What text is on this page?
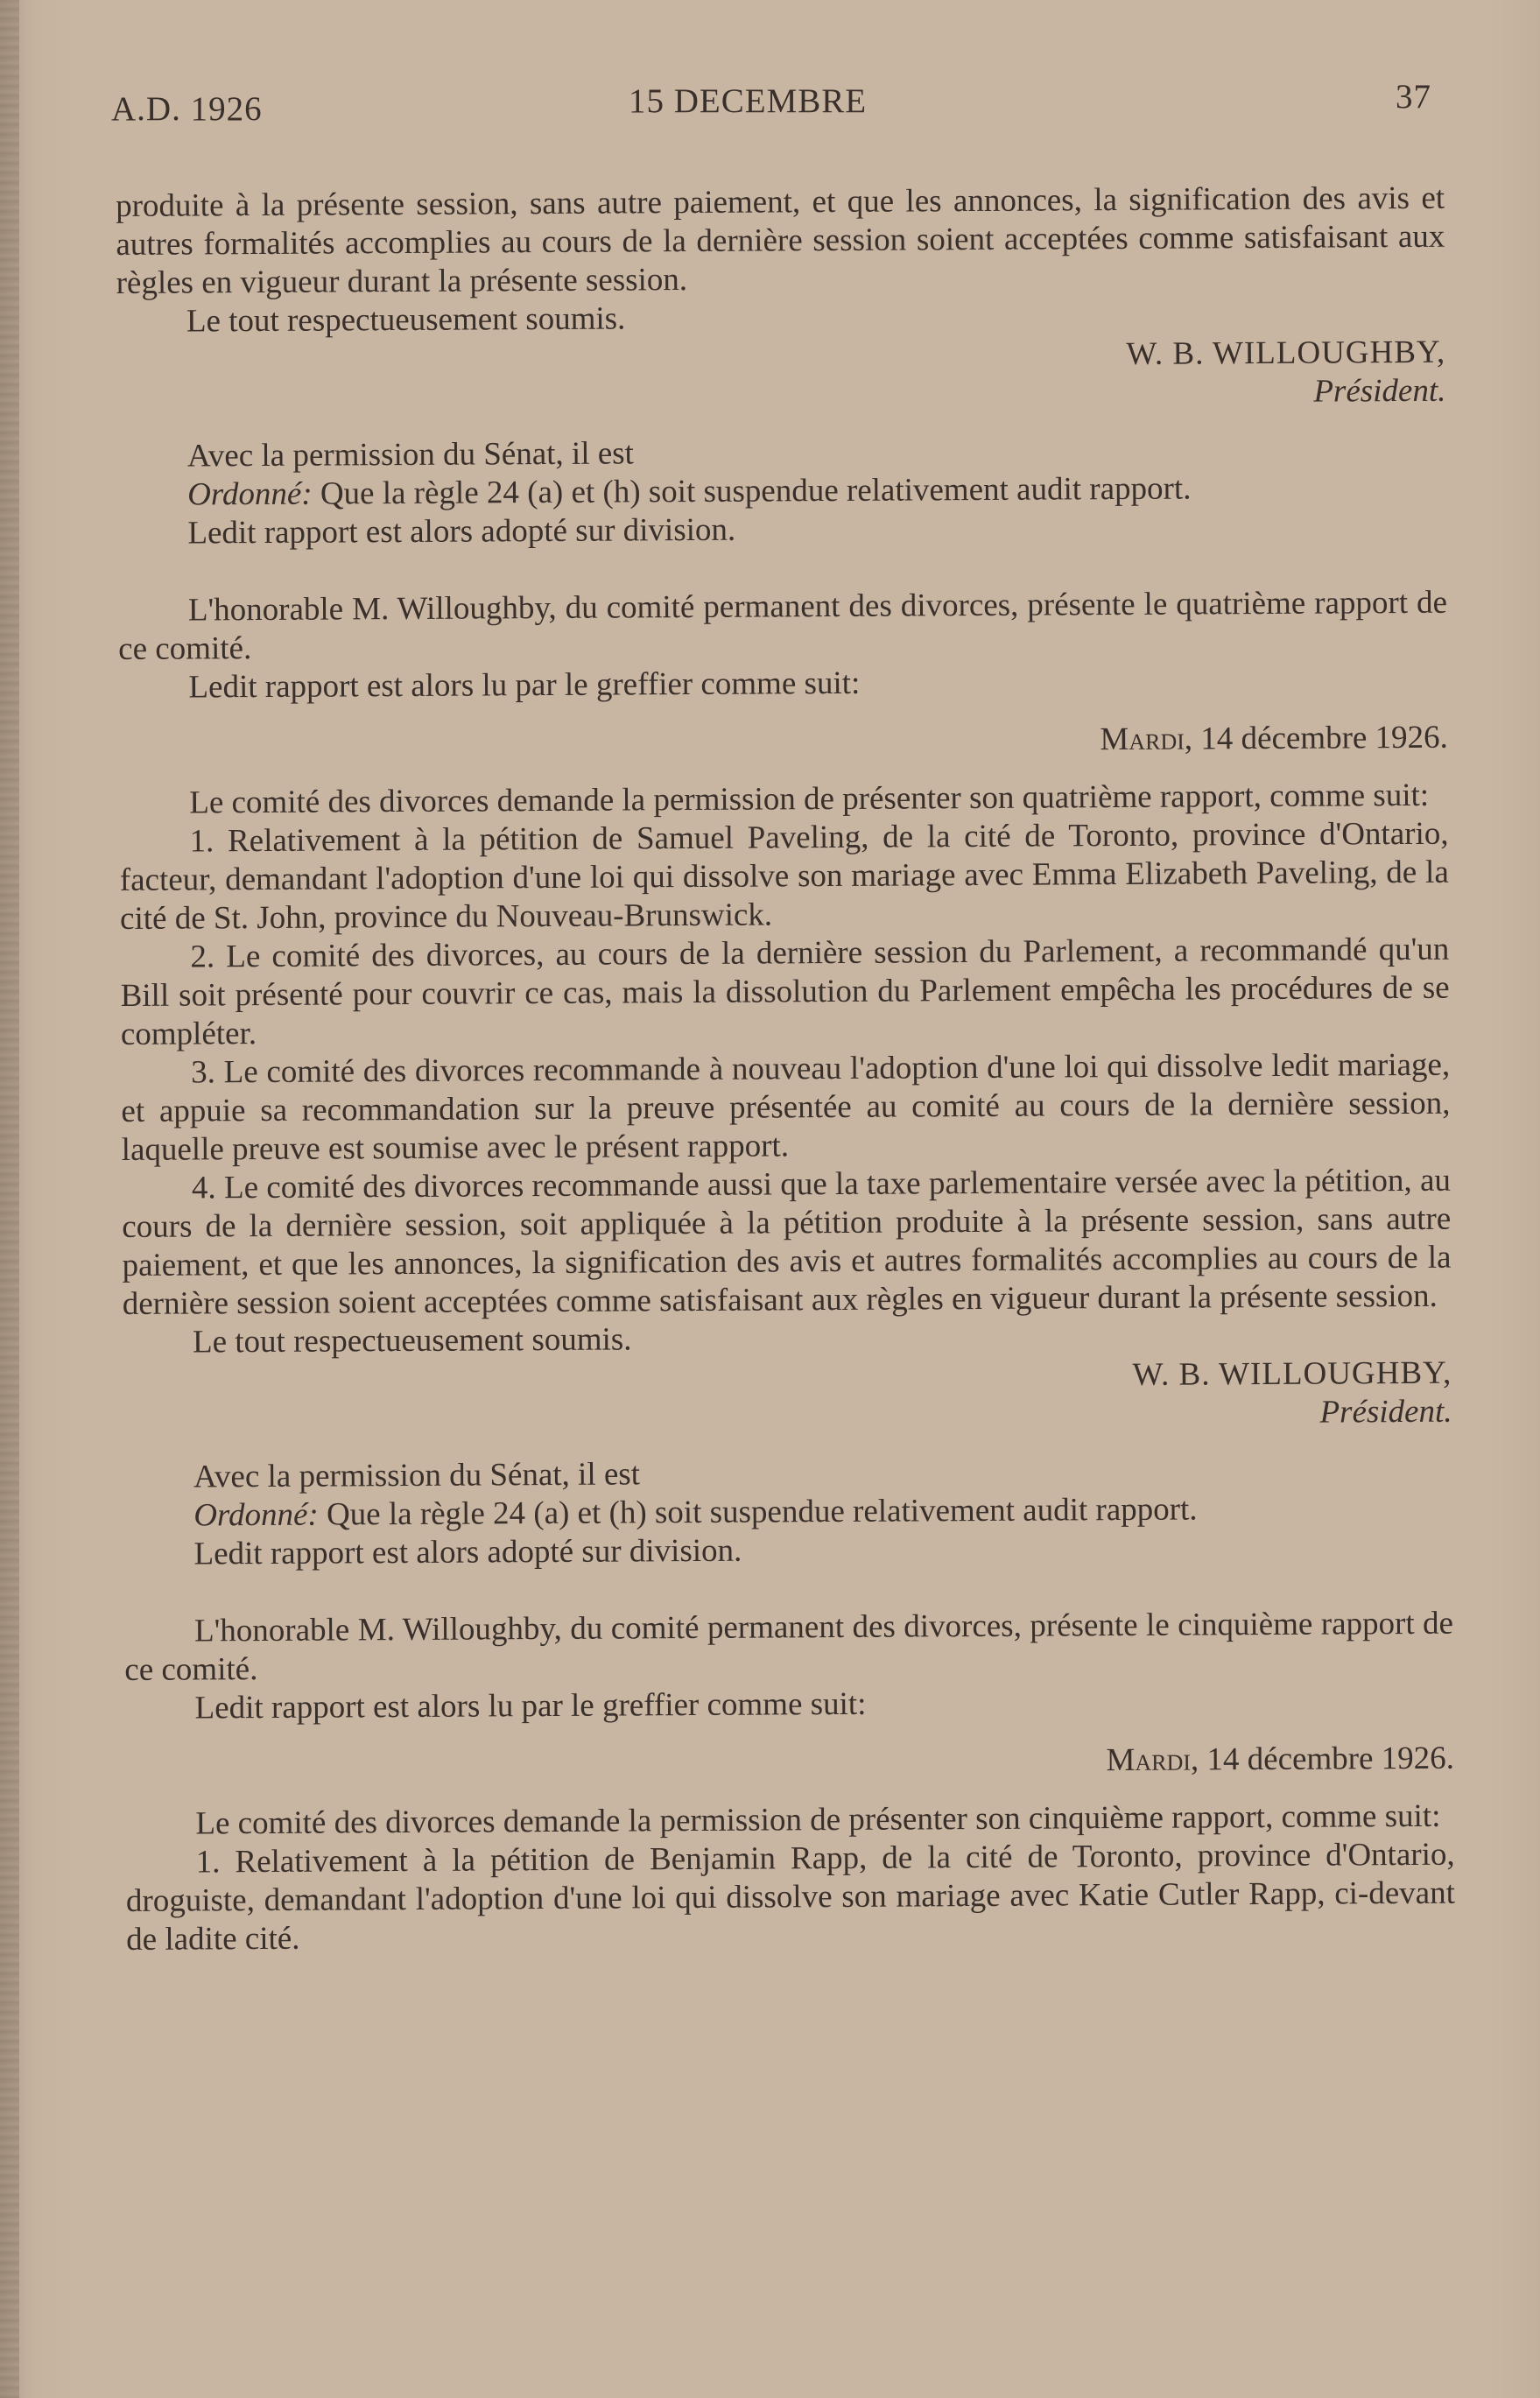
A.D. 1926	15 DECEMBRE	37

produite à la présente session, sans autre paiement, et que les annonces, la signification des avis et autres formalités accomplies au cours de la dernière session soient acceptées comme satisfaisant aux règles en vigueur durant la présente session.

Le tout respectueusement soumis.

W. B. WILLOUGHBY,

Président.

Avec la permission du Sénat, il est

Ordonné: Que la règle 24 (a) et (h) soit suspendue relativement audit rapport.

Ledit rapport est alors adopté sur division.

L'honorable M. Willoughby, du comité permanent des divorces, présente le quatrième rapport de ce comité.

Ledit rapport est alors lu par le greffier comme suit:

Mardi, 14 décembre 1926.

Le comité des divorces demande la permission de présenter son quatrième rapport, comme suit:

1. Relativement à la pétition de Samuel Paveling, de la cité de Toronto, province d'Ontario, facteur, demandant l'adoption d'une loi qui dissolve son mariage avec Emma Elizabeth Paveling, de la cité de St. John, province du Nouveau-Brunswick.

2. Le comité des divorces, au cours de la dernière session du Parlement, a recommandé qu'un Bill soit présenté pour couvrir ce cas, mais la dissolution du Parlement empêcha les procédures de se compléter.

3. Le comité des divorces recommande à nouveau l'adoption d'une loi qui dissolve ledit mariage, et appuie sa recommandation sur la preuve présentée au comité au cours de la dernière session, laquelle preuve est soumise avec le présent rapport.

4. Le comité des divorces recommande aussi que la taxe parlementaire versée avec la pétition, au cours de la dernière session, soit appliquée à la pétition produite à la présente session, sans autre paiement, et que les annonces, la signification des avis et autres formalités accomplies au cours de la dernière session soient acceptées comme satisfaisant aux règles en vigueur durant la présente session.

Le tout respectueusement soumis.

W. B. WILLOUGHBY,

Président.

Avec la permission du Sénat, il est

Ordonné: Que la règle 24 (a) et (h) soit suspendue relativement audit rapport.

Ledit rapport est alors adopté sur division.

L'honorable M. Willoughby, du comité permanent des divorces, présente le cinquième rapport de ce comité.

Ledit rapport est alors lu par le greffier comme suit:

Mardi, 14 décembre 1926.

Le comité des divorces demande la permission de présenter son cinquième rapport, comme suit:

1. Relativement à la pétition de Benjamin Rapp, de la cité de Toronto, province d'Ontario, droguiste, demandant l'adoption d'une loi qui dissolve son mariage avec Katie Cutler Rapp, ci-devant de ladite cité.
